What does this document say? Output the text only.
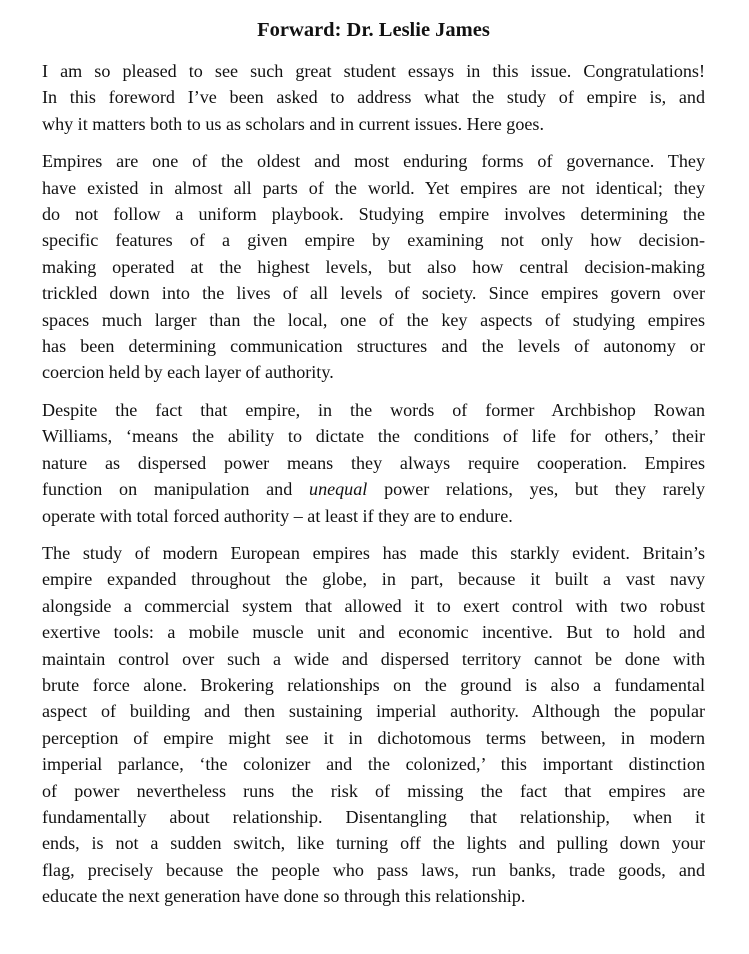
Forward: Dr. Leslie James
I am so pleased to see such great student essays in this issue. Congratulations!
In this foreword I’ve been asked to address what the study of empire is, and
why it matters both to us as scholars and in current issues. Here goes.
Empires are one of the oldest and most enduring forms of governance. They
have existed in almost all parts of the world. Yet empires are not identical; they
do not follow a uniform playbook. Studying empire involves determining the
specific features of a given empire by examining not only how decision-
making operated at the highest levels, but also how central decision-making
trickled down into the lives of all levels of society. Since empires govern over
spaces much larger than the local, one of the key aspects of studying empires
has been determining communication structures and the levels of autonomy or
coercion held by each layer of authority.
Despite the fact that empire, in the words of former Archbishop Rowan
Williams, ‘means the ability to dictate the conditions of life for others,’ their
nature as dispersed power means they always require cooperation. Empires
function on manipulation and unequal power relations, yes, but they rarely
operate with total forced authority – at least if they are to endure.
The study of modern European empires has made this starkly evident. Britain’s
empire expanded throughout the globe, in part, because it built a vast navy
alongside a commercial system that allowed it to exert control with two robust
exertive tools: a mobile muscle unit and economic incentive. But to hold and
maintain control over such a wide and dispersed territory cannot be done with
brute force alone. Brokering relationships on the ground is also a fundamental
aspect of building and then sustaining imperial authority. Although the popular
perception of empire might see it in dichotomous terms between, in modern
imperial parlance, ‘the colonizer and the colonized,’ this important distinction
of power nevertheless runs the risk of missing the fact that empires are
fundamentally about relationship. Disentangling that relationship, when it
ends, is not a sudden switch, like turning off the lights and pulling down your
flag, precisely because the people who pass laws, run banks, trade goods, and
educate the next generation have done so through this relationship.
